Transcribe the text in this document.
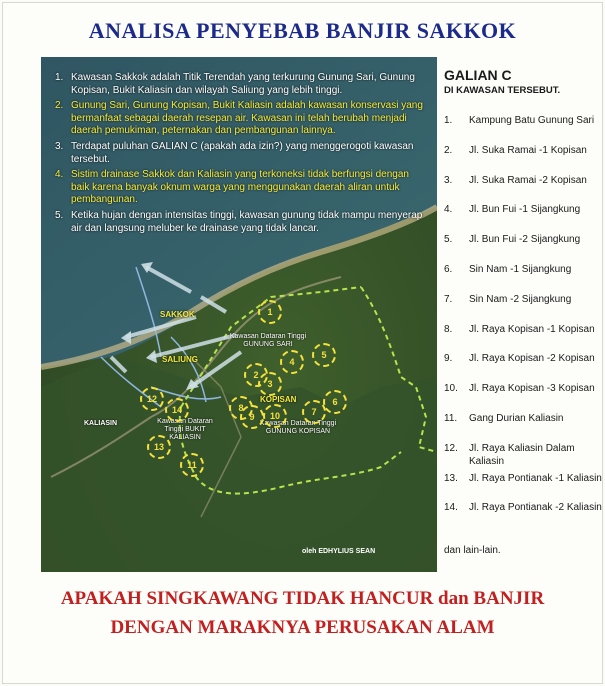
ANALISA PENYEBAB BANJIR SAKKOK
1. Kawasan Sakkok adalah Titik Terendah yang terkurung Gunung Sari, Gunung Kopisan, Bukit Kaliasin dan wilayah Saliung yang lebih tinggi.
2. Gunung Sari, Gunung Kopisan, Bukit Kaliasin adalah kawasan konservasi yang bermanfaat sebagai daerah resepan air. Kawasan ini telah berubah menjadi daerah pemukiman, peternakan dan pembangunan lainnya.
3. Terdapat puluhan GALIAN C (apakah ada izin?) yang menggerogoti kawasan tersebut.
4. Sistim drainase Sakkok dan Kaliasin yang terkoneksi tidak berfungsi dengan baik karena banyak oknum warga yang menggunakan daerah aliran untuk pembangunan.
5. Ketika hujan dengan intensitas tinggi, kawasan gunung tidak mampu menyerap air dan langsung meluber ke drainase yang tidak lancar.
SAKKOK
SALIUNG
KOPISAN
KALIASIN
Kawasan Dataran Tinggi GUNUNG SARI
Kawasan Dataran Tinggi GUNUNG KOPISAN
Kawasan Dataran Tinggi BUKIT KALIASIN
1
2
3
4
5
6
7
8
9	10
11
12
13
14
oleh EDHYLIUS SEAN
GALIAN C
DI KAWASAN TERSEBUT.
1. Kampung Batu Gunung Sari
2. Jl. Suka Ramai -1 Kopisan
3. Jl. Suka Ramai -2 Kopisan
4. Jl. Bun Fui -1 Sijangkung
5. Jl. Bun Fui -2 Sijangkung
6. Sin Nam -1 Sijangkung
7. Sin Nam -2 Sijangkung
8. Jl. Raya Kopisan -1 Kopisan
9. Jl. Raya Kopisan -2 Kopisan
10. Jl. Raya Kopisan -3 Kopisan
11. Gang Durian Kaliasin
12. Jl. Raya Kaliasin Dalam Kaliasin
13. Jl. Raya Pontianak -1 Kaliasin
14. Jl. Raya Pontianak -2 Kaliasin
dan lain-lain.
APAKAH SINGKAWANG TIDAK HANCUR dan BANJIR
DENGAN MARAKNYA PERUSAKAN ALAM
